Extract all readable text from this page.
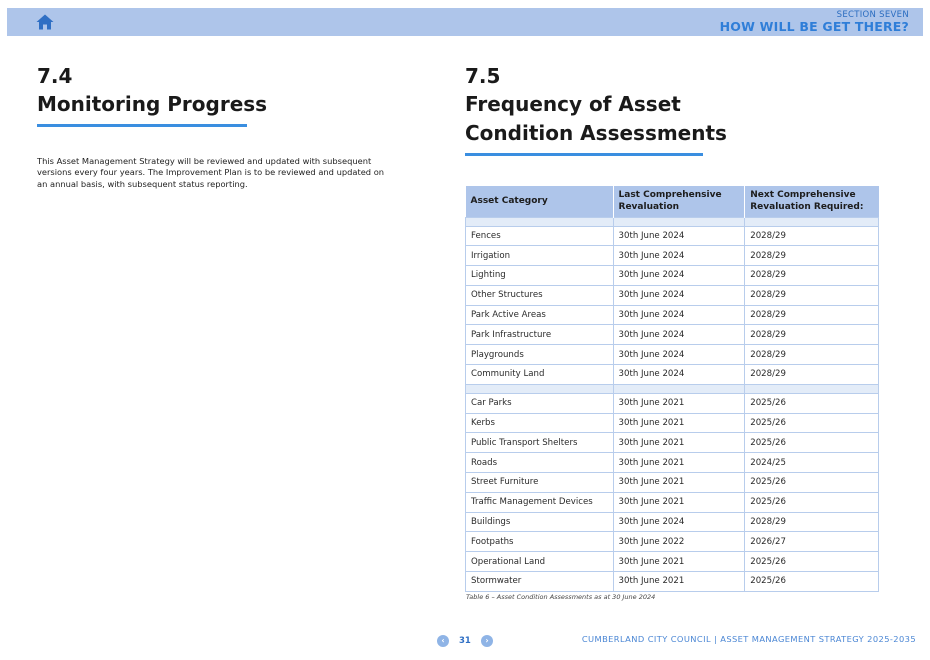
SECTION SEVEN
HOW WILL BE GET THERE?
7.4
Monitoring Progress

This Asset Management Strategy will be reviewed and updated with subsequent versions every four years. The Improvement Plan is to be reviewed and updated on an annual basis, with subsequent status reporting.

7.5
Frequency of Asset
Condition Assessments
Asset Category	Last Comprehensive Revaluation	Next Comprehensive Revaluation Required:

Fences	30th June 2024	2028/29
Irrigation	30th June 2024	2028/29
Lighting	30th June 2024	2028/29
Other Structures	30th June 2024	2028/29
Park Active Areas	30th June 2024	2028/29
Park Infrastructure	30th June 2024	2028/29
Playgrounds	30th June 2024	2028/29
Community Land	30th June 2024	2028/29

Car Parks	30th June 2021	2025/26
Kerbs	30th June 2021	2025/26
Public Transport Shelters	30th June 2021	2025/26
Roads	30th June 2021	2024/25
Street Furniture	30th June 2021	2025/26
Traffic Management Devices	30th June 2021	2025/26
Buildings	30th June 2024	2028/29
Footpaths	30th June 2022	2026/27
Operational Land	30th June 2021	2025/26
Stormwater	30th June 2021	2025/26
Table 6 – Asset Condition Assessments as at 30 June 2024
‹	31	›	CUMBERLAND CITY COUNCIL | ASSET MANAGEMENT STRATEGY 2025-2035
